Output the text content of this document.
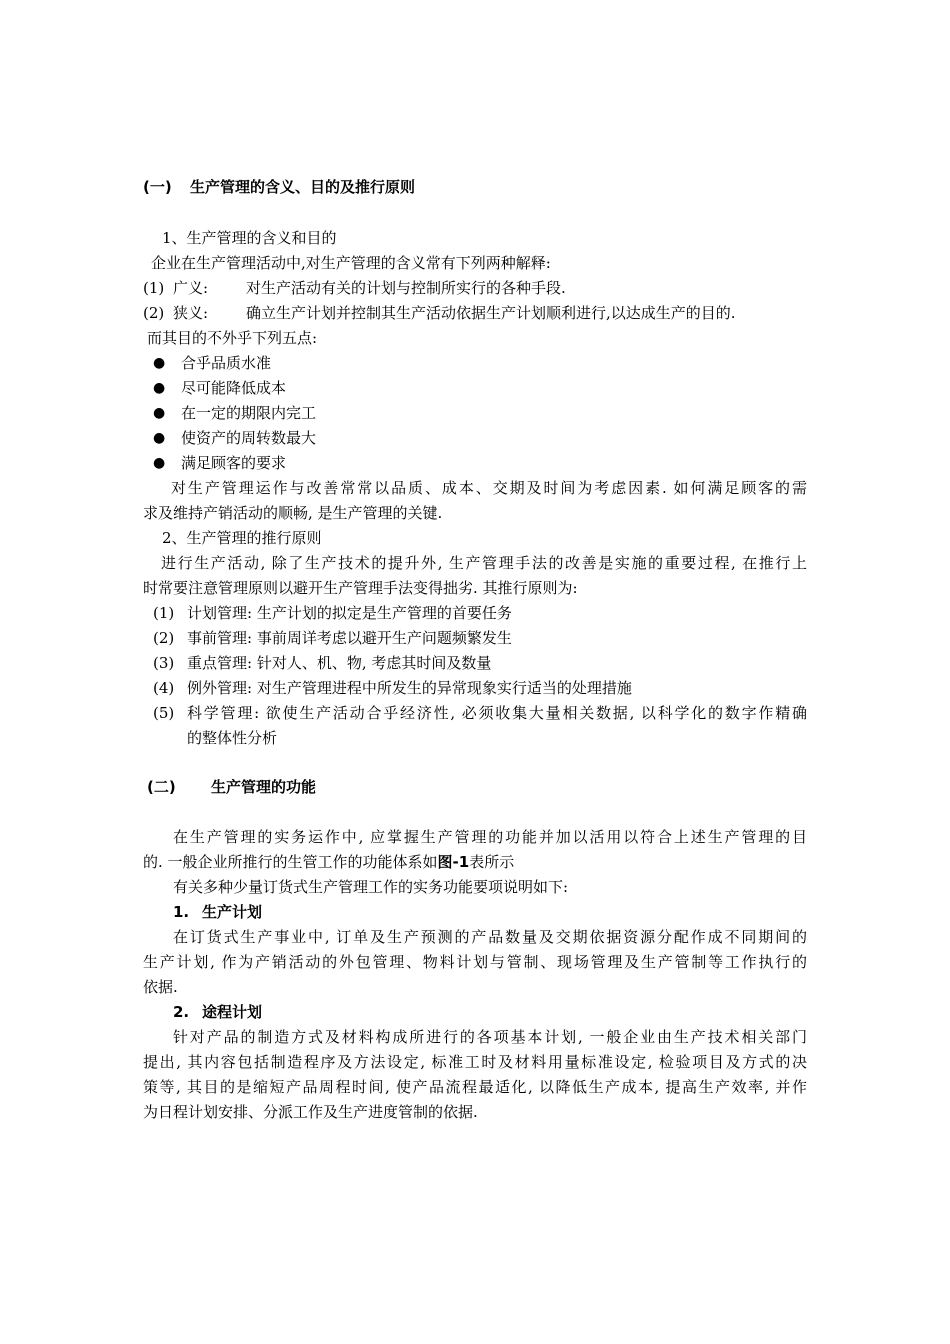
(一) 生产管理的含义、目的及推行原则
1、生产管理的含义和目的
企业在生产管理活动中,对生产管理的含义常有下列两种解释:
(1) 广义:	对生产活动有关的计划与控制所实行的各种手段.
(2) 狭义:	确立生产计划并控制其生产活动依据生产计划顺利进行,以达成生产的目的.
而其目的不外乎下列五点:
● 合乎品质水准
● 尽可能降低成本
● 在一定的期限内完工
● 使资产的周转数最大
● 满足顾客的要求
对生产管理运作与改善常常以品质、成本、交期及时间为考虑因素. 如何满足顾客的需
求及维持产销活动的顺畅, 是生产管理的关键.
2、生产管理的推行原则
进行生产活动, 除了生产技术的提升外, 生产管理手法的改善是实施的重要过程, 在推行上
时常要注意管理原则以避开生产管理手法变得拙劣. 其推行原则为:
(1) 计划管理: 生产计划的拟定是生产管理的首要任务
(2) 事前管理: 事前周详考虑以避开生产问题频繁发生
(3) 重点管理: 针对人、机、物, 考虑其时间及数量
(4) 例外管理: 对生产管理进程中所发生的异常现象实行适当的处理措施
(5) 科学管理: 欲使生产活动合乎经济性, 必须收集大量相关数据, 以科学化的数字作精确
的整体性分析
(二) 生产管理的功能
在生产管理的实务运作中, 应掌握生产管理的功能并加以活用以符合上述生产管理的目
的. 一般企业所推行的生管工作的功能体系如图-1表所示
有关多种少量订货式生产管理工作的实务功能要项说明如下:
1. 生产计划
在订货式生产事业中, 订单及生产预测的产品数量及交期依据资源分配作成不同期间的
生产计划, 作为产销活动的外包管理、物料计划与管制、现场管理及生产管制等工作执行的
依据.
2. 途程计划
针对产品的制造方式及材料构成所进行的各项基本计划, 一般企业由生产技术相关部门
提出, 其内容包括制造程序及方法设定, 标准工时及材料用量标准设定, 检验项目及方式的决
策等, 其目的是缩短产品周程时间, 使产品流程最适化, 以降低生产成本, 提高生产效率, 并作
为日程计划安排、分派工作及生产进度管制的依据.
